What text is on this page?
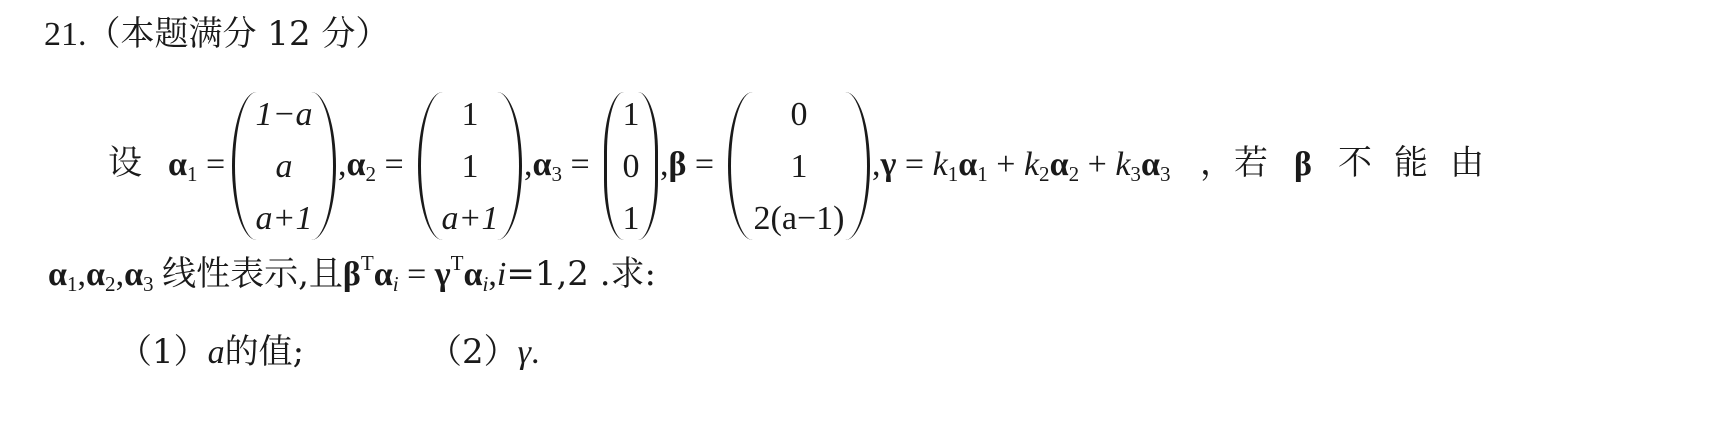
21.（本题满分 12 分）
设 $\alpha_1$ =
1−a
a
a+1
$,\alpha_2$ =
1
1
a+1
$,\alpha_3$ =
1
0
1
,β =
0
1
2(a−1)
$,\gamma = k_1\alpha_1 + k_2\alpha_2 + k_3\alpha_3$ ，若 β 不 能 由
$\alpha_1,\alpha_2,\alpha_3$ 线性表示,且$\beta^T\alpha_i = \gamma^T\alpha_i,i=1,2$ .求:
（1）a的值;	（2）γ.
